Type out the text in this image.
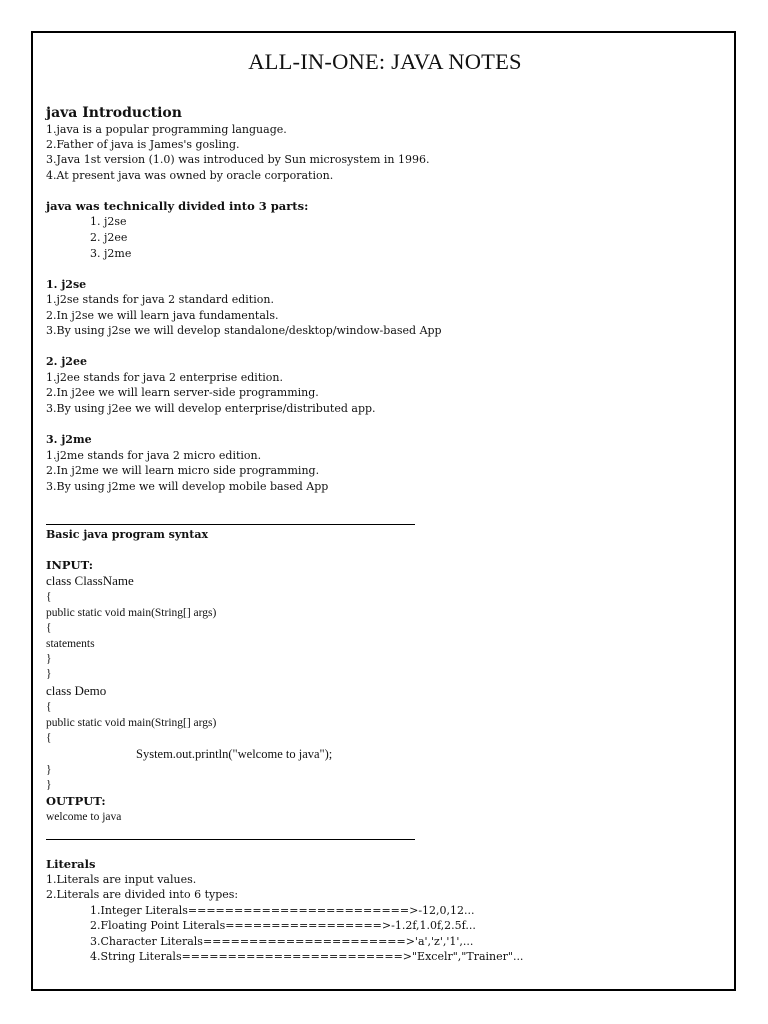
ALL-IN-ONE: JAVA NOTES
java Introduction
1.java is a popular programming language.
2.Father of java is James's gosling.
3.Java 1st version (1.0) was introduced by Sun microsystem in 1996.
4.At present java was owned by oracle corporation.
java was technically divided into 3 parts:
1. j2se
2. j2ee
3. j2me
1. j2se
1.j2se stands for java 2 standard edition.
2.In j2se we will learn java fundamentals.
3.By using j2se we will develop standalone/desktop/window-based App
2. j2ee
1.j2ee stands for java 2 enterprise edition.
2.In j2ee we will learn server-side programming.
3.By using j2ee we will develop enterprise/distributed app.
3. j2me
1.j2me stands for java 2 micro edition.
2.In j2me we will learn micro side programming.
3.By using j2me we will develop mobile based App
Basic java program syntax
INPUT:
class ClassName
{
public static void main(String[] args)
{
statements
}
}
class Demo
{
public static void main(String[] args)
{
System.out.println("welcome to java");
}
}
OUTPUT:
welcome to java
Literals
1.Literals are input values.
2.Literals are divided into 6 types:
1.Integer Literals========================>-12,0,12...
2.Floating Point Literals=================>-1.2f,1.0f,2.5f...
3.Character Literals======================>'a','z','1',...
4.String Literals========================>"Excelr","Trainer"...
